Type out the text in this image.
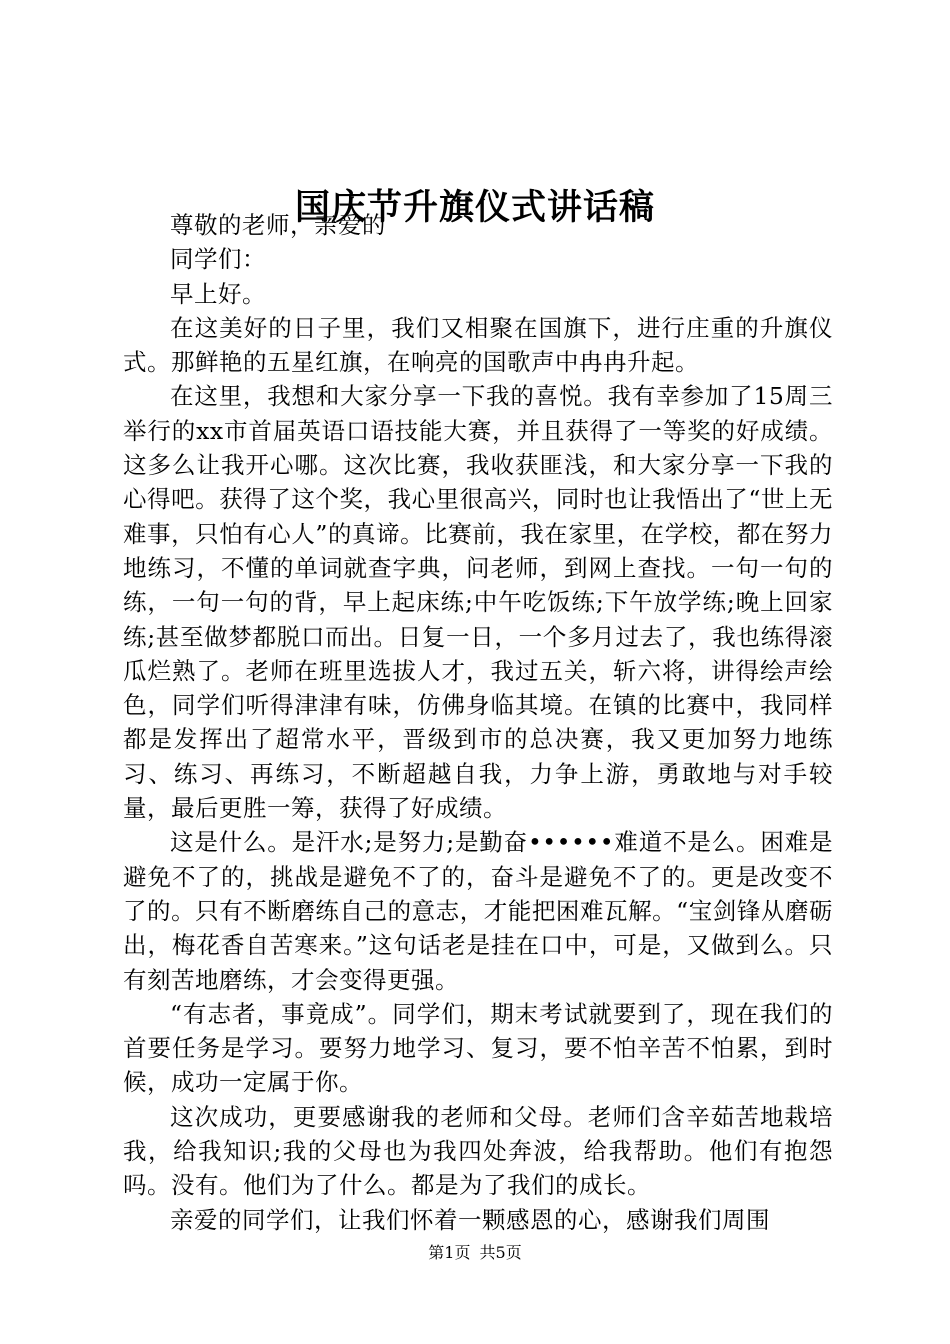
国庆节升旗仪式讲话稿

尊敬的老师，亲爱的

同学们：

早上好。

在这美好的日子里，我们又相聚在国旗下，进行庄重的升旗仪式。那鲜艳的五星红旗，在响亮的国歌声中冉冉升起。

在这里，我想和大家分享一下我的喜悦。我有幸参加了15周三举行的xx市首届英语口语技能大赛，并且获得了一等奖的好成绩。这多么让我开心哪。这次比赛，我收获匪浅，和大家分享一下我的心得吧。获得了这个奖，我心里很高兴，同时也让我悟出了“世上无难事，只怕有心人”的真谛。比赛前，我在家里，在学校，都在努力地练习，不懂的单词就查字典，问老师，到网上查找。一句一句的练，一句一句的背，早上起床练;中午吃饭练;下午放学练;晚上回家练;甚至做梦都脱口而出。日复一日，一个多月过去了，我也练得滚瓜烂熟了。老师在班里选拔人才，我过五关，斩六将，讲得绘声绘色，同学们听得津津有味，仿佛身临其境。在镇的比赛中，我同样都是发挥出了超常水平，晋级到市的总决赛，我又更加努力地练习、练习、再练习，不断超越自我，力争上游，勇敢地与对手较量，最后更胜一筹，获得了好成绩。

这是什么。是汗水;是努力;是勤奋••••••难道不是么。困难是避免不了的，挑战是避免不了的，奋斗是避免不了的。更是改变不了的。只有不断磨练自己的意志，才能把困难瓦解。“宝剑锋从磨砺出，梅花香自苦寒来。”这句话老是挂在口中，可是，又做到么。只有刻苦地磨练，才会变得更强。

“有志者，事竟成”。同学们，期末考试就要到了，现在我们的首要任务是学习。要努力地学习、复习，要不怕辛苦不怕累，到时候，成功一定属于你。

这次成功，更要感谢我的老师和父母。老师们含辛茹苦地栽培我，给我知识;我的父母也为我四处奔波，给我帮助。他们有抱怨吗。没有。他们为了什么。都是为了我们的成长。

亲爱的同学们，让我们怀着一颗感恩的心，感谢我们周围

第1页 共5页
